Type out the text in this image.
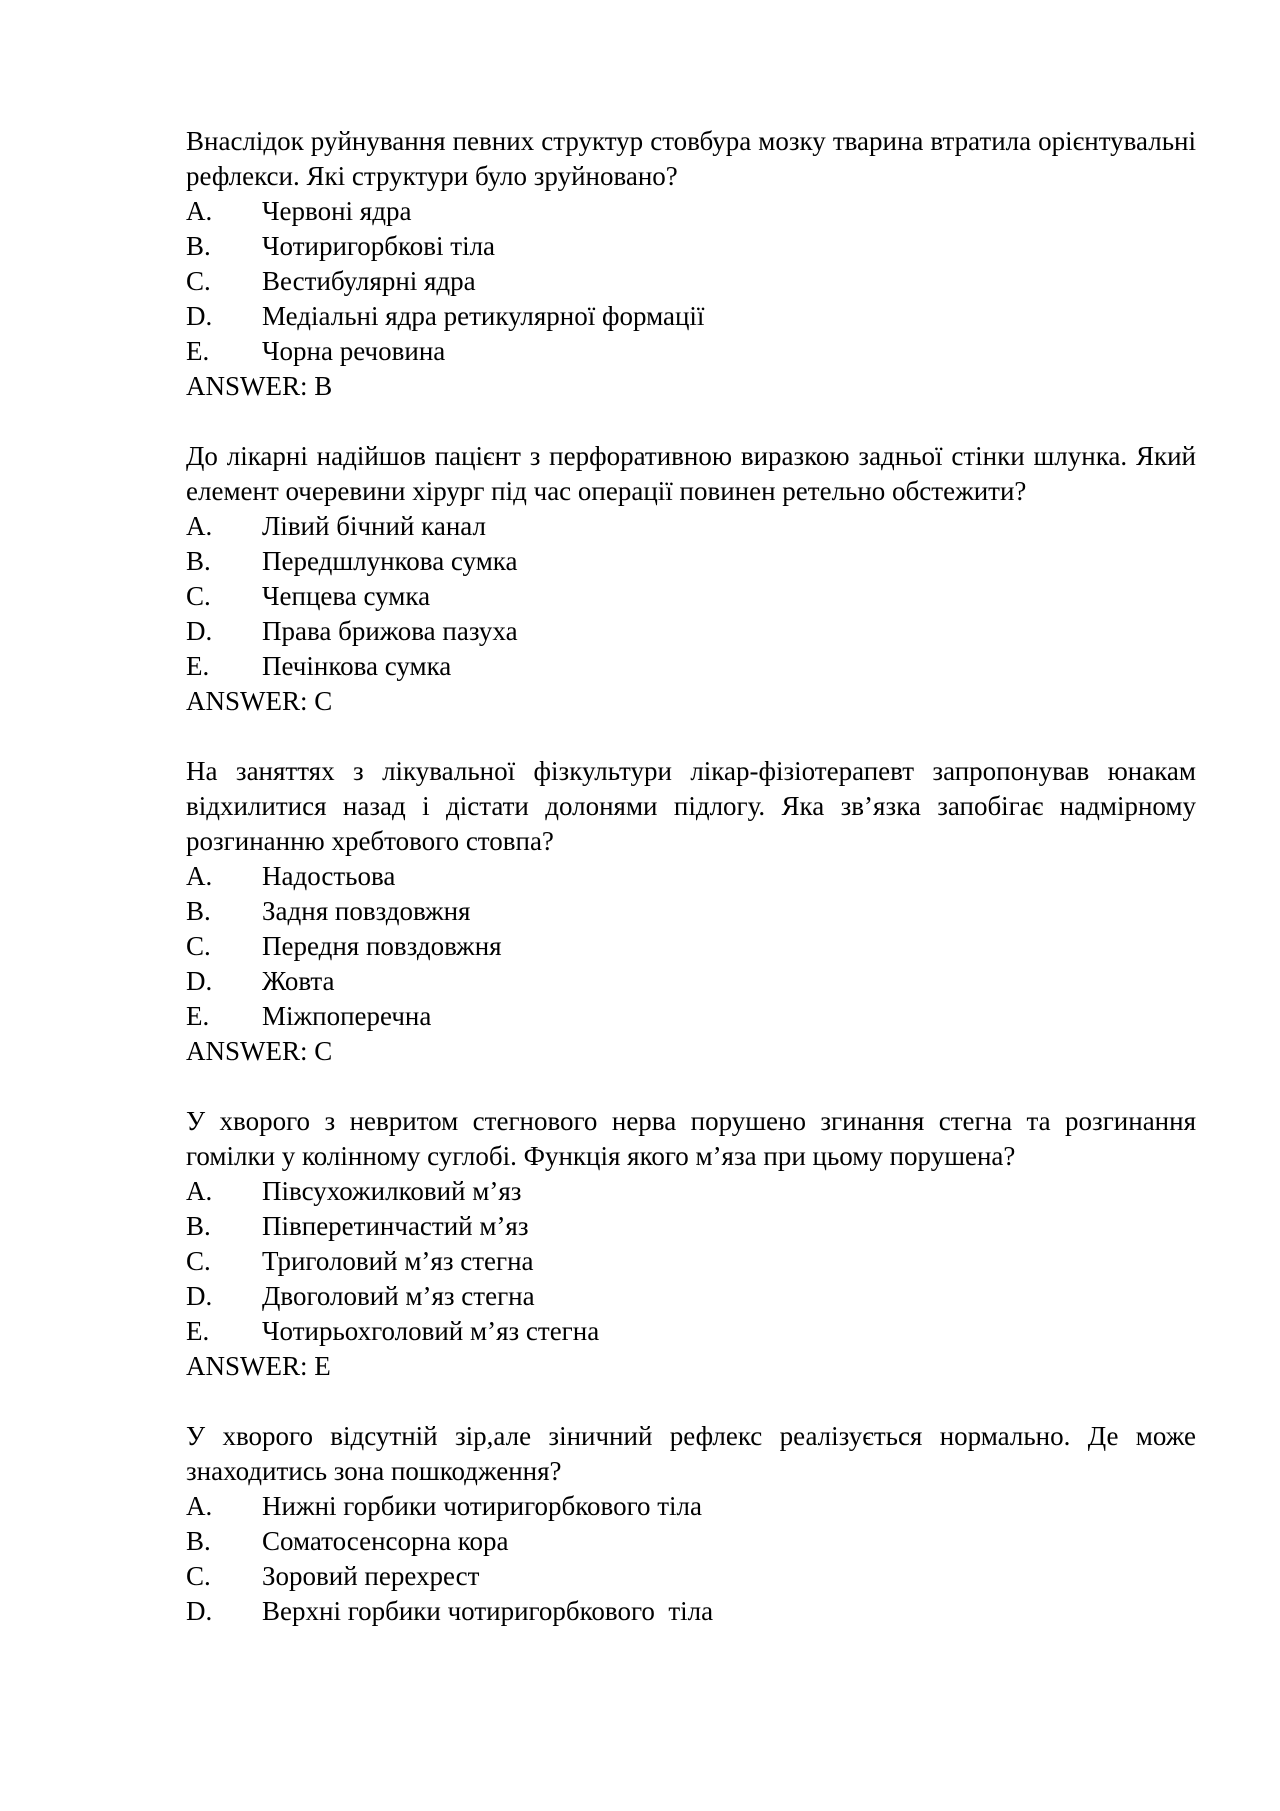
Внаслідок руйнування певних структур стовбура мозку тварина втратила орієнтувальні рефлекси. Які структури було зруйновано?

A.	Червоні ядра
B.	Чотиригорбкові тіла
C.	Вестибулярні ядра
D.	Медіальні ядра ретикулярної формації
E.	Чорна речовина

ANSWER: B

До лікарні надійшов пацієнт з перфоративною виразкою задньої стінки шлунка. Який елемент очеревини хірург під час операції повинен ретельно обстежити?

A.	Лівий бічний канал
B.	Передшлункова сумка
C.	Чепцева сумка
D.	Права брижова пазуха
E.	Печінкова сумка

ANSWER: C

На заняттях з лікувальної фізкультури лікар-фізіотерапевт запропонував юнакам відхилитися назад і дістати долонями підлогу. Яка зв’язка запобігає надмірному розгинанню хребтового стовпа?

A.	Надостьова
B.	Задня повздовжня
C.	Передня повздовжня
D.	Жовта
E.	Міжпоперечна

ANSWER: C

У хворого з невритом стегнового нерва порушено згинання стегна та розгинання гомілки у колінному суглобі. Функція якого м’яза при цьому порушена?

A.	Півсухожилковий м’яз
B.	Півперетинчастий м’яз
C.	Триголовий м’яз стегна
D.	Двоголовий м’яз стегна
E.	Чотирьохголовий м’яз стегна

ANSWER: E

У хворого відсутній зір,але зіничний рефлекс реалізується нормально. Де може знаходитись зона пошкодження?

A.	Нижні горбики чотиригорбкового тіла
B.	Соматосенсорна кора
C.	Зоровий перехрест
D.	Верхні горбики чотиригорбкового  тіла
